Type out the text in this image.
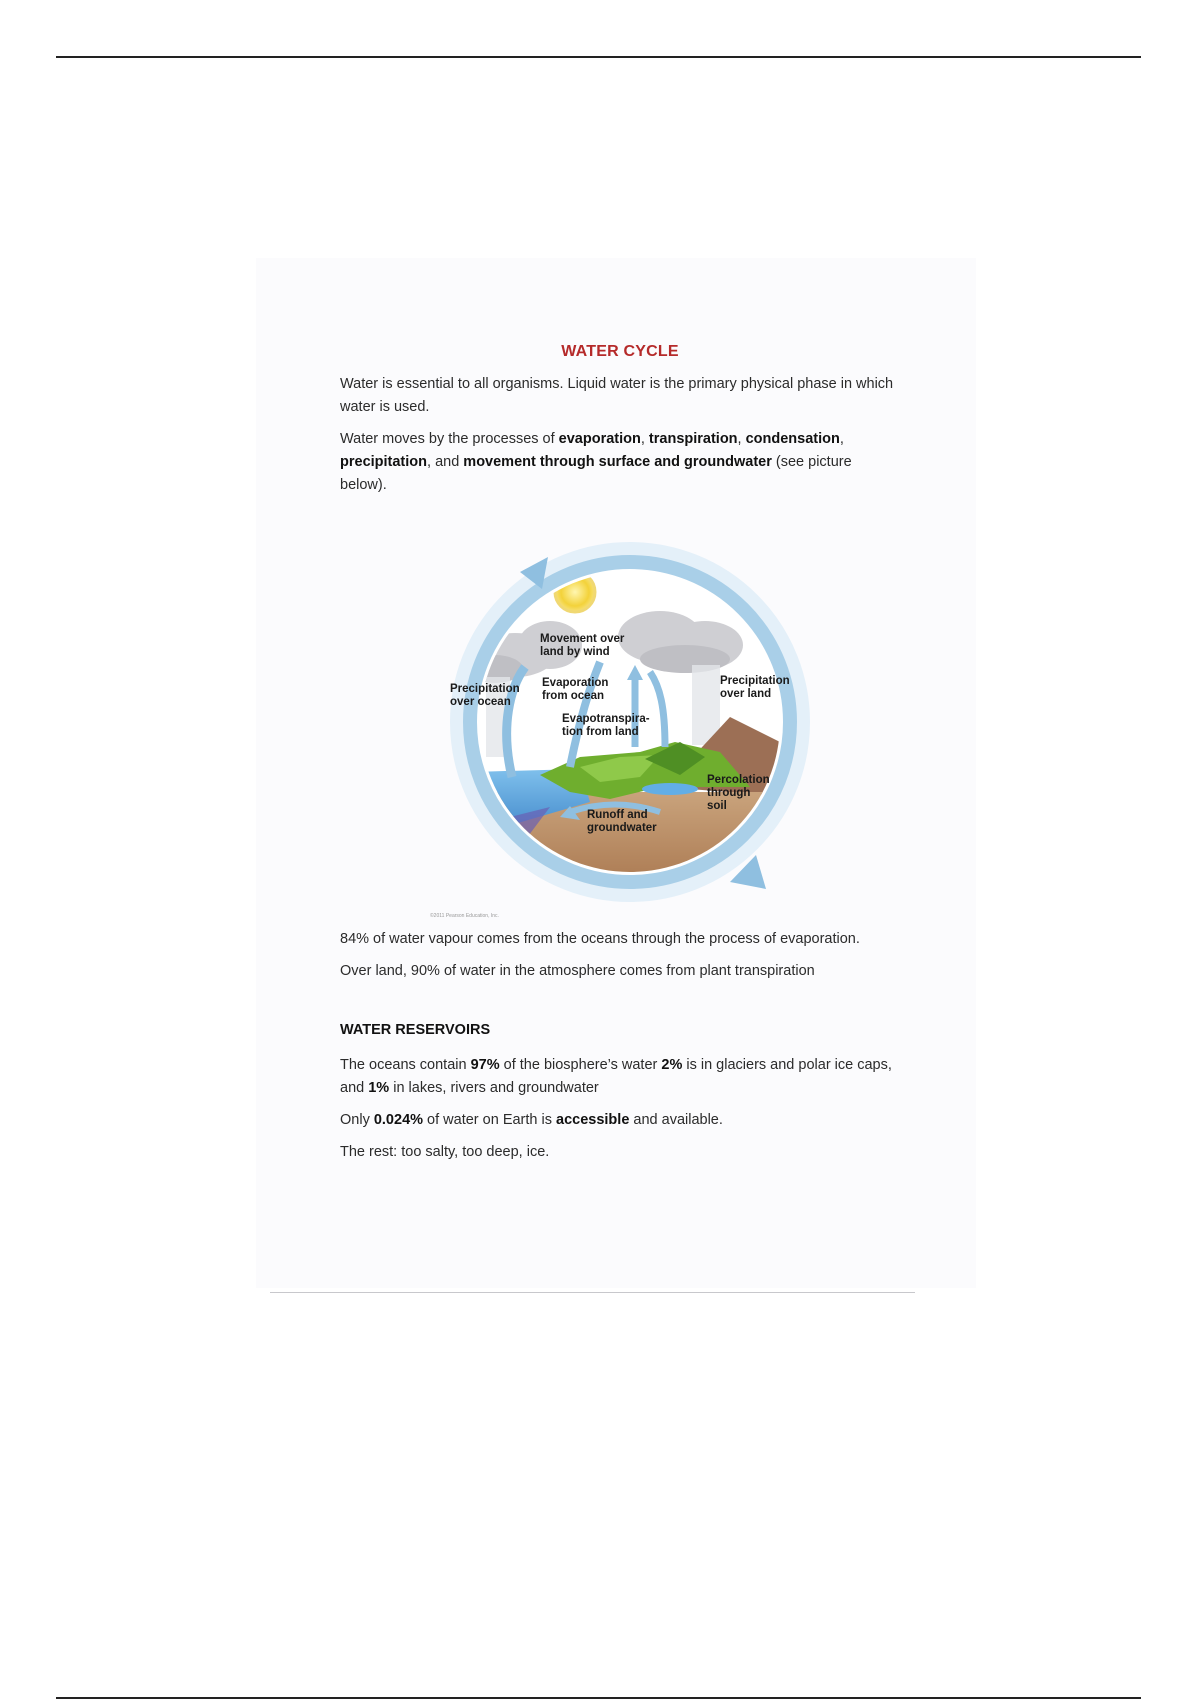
WATER CYCLE

Water is essential to all organisms. Liquid water is the primary physical phase in which water is used.

Water moves by the processes of evaporation, transpiration, condensation, precipitation, and movement through surface and groundwater (see picture below).

Movement over
land by wind
Evaporation
from ocean
Precipitation
over ocean
Evapotranspira-
tion from land
Precipitation
over land
Percolation
through
soil
Runoff and
groundwater
©2011 Pearson Education, Inc.

84% of water vapour comes from the oceans through the process of evaporation.

Over land, 90% of water in the atmosphere comes from plant transpiration

WATER RESERVOIRS

The oceans contain 97% of the biosphere’s water 2% is in glaciers and polar ice caps, and 1% in lakes, rivers and groundwater

Only 0.024% of water on Earth is accessible and available.

The rest: too salty, too deep, ice.
